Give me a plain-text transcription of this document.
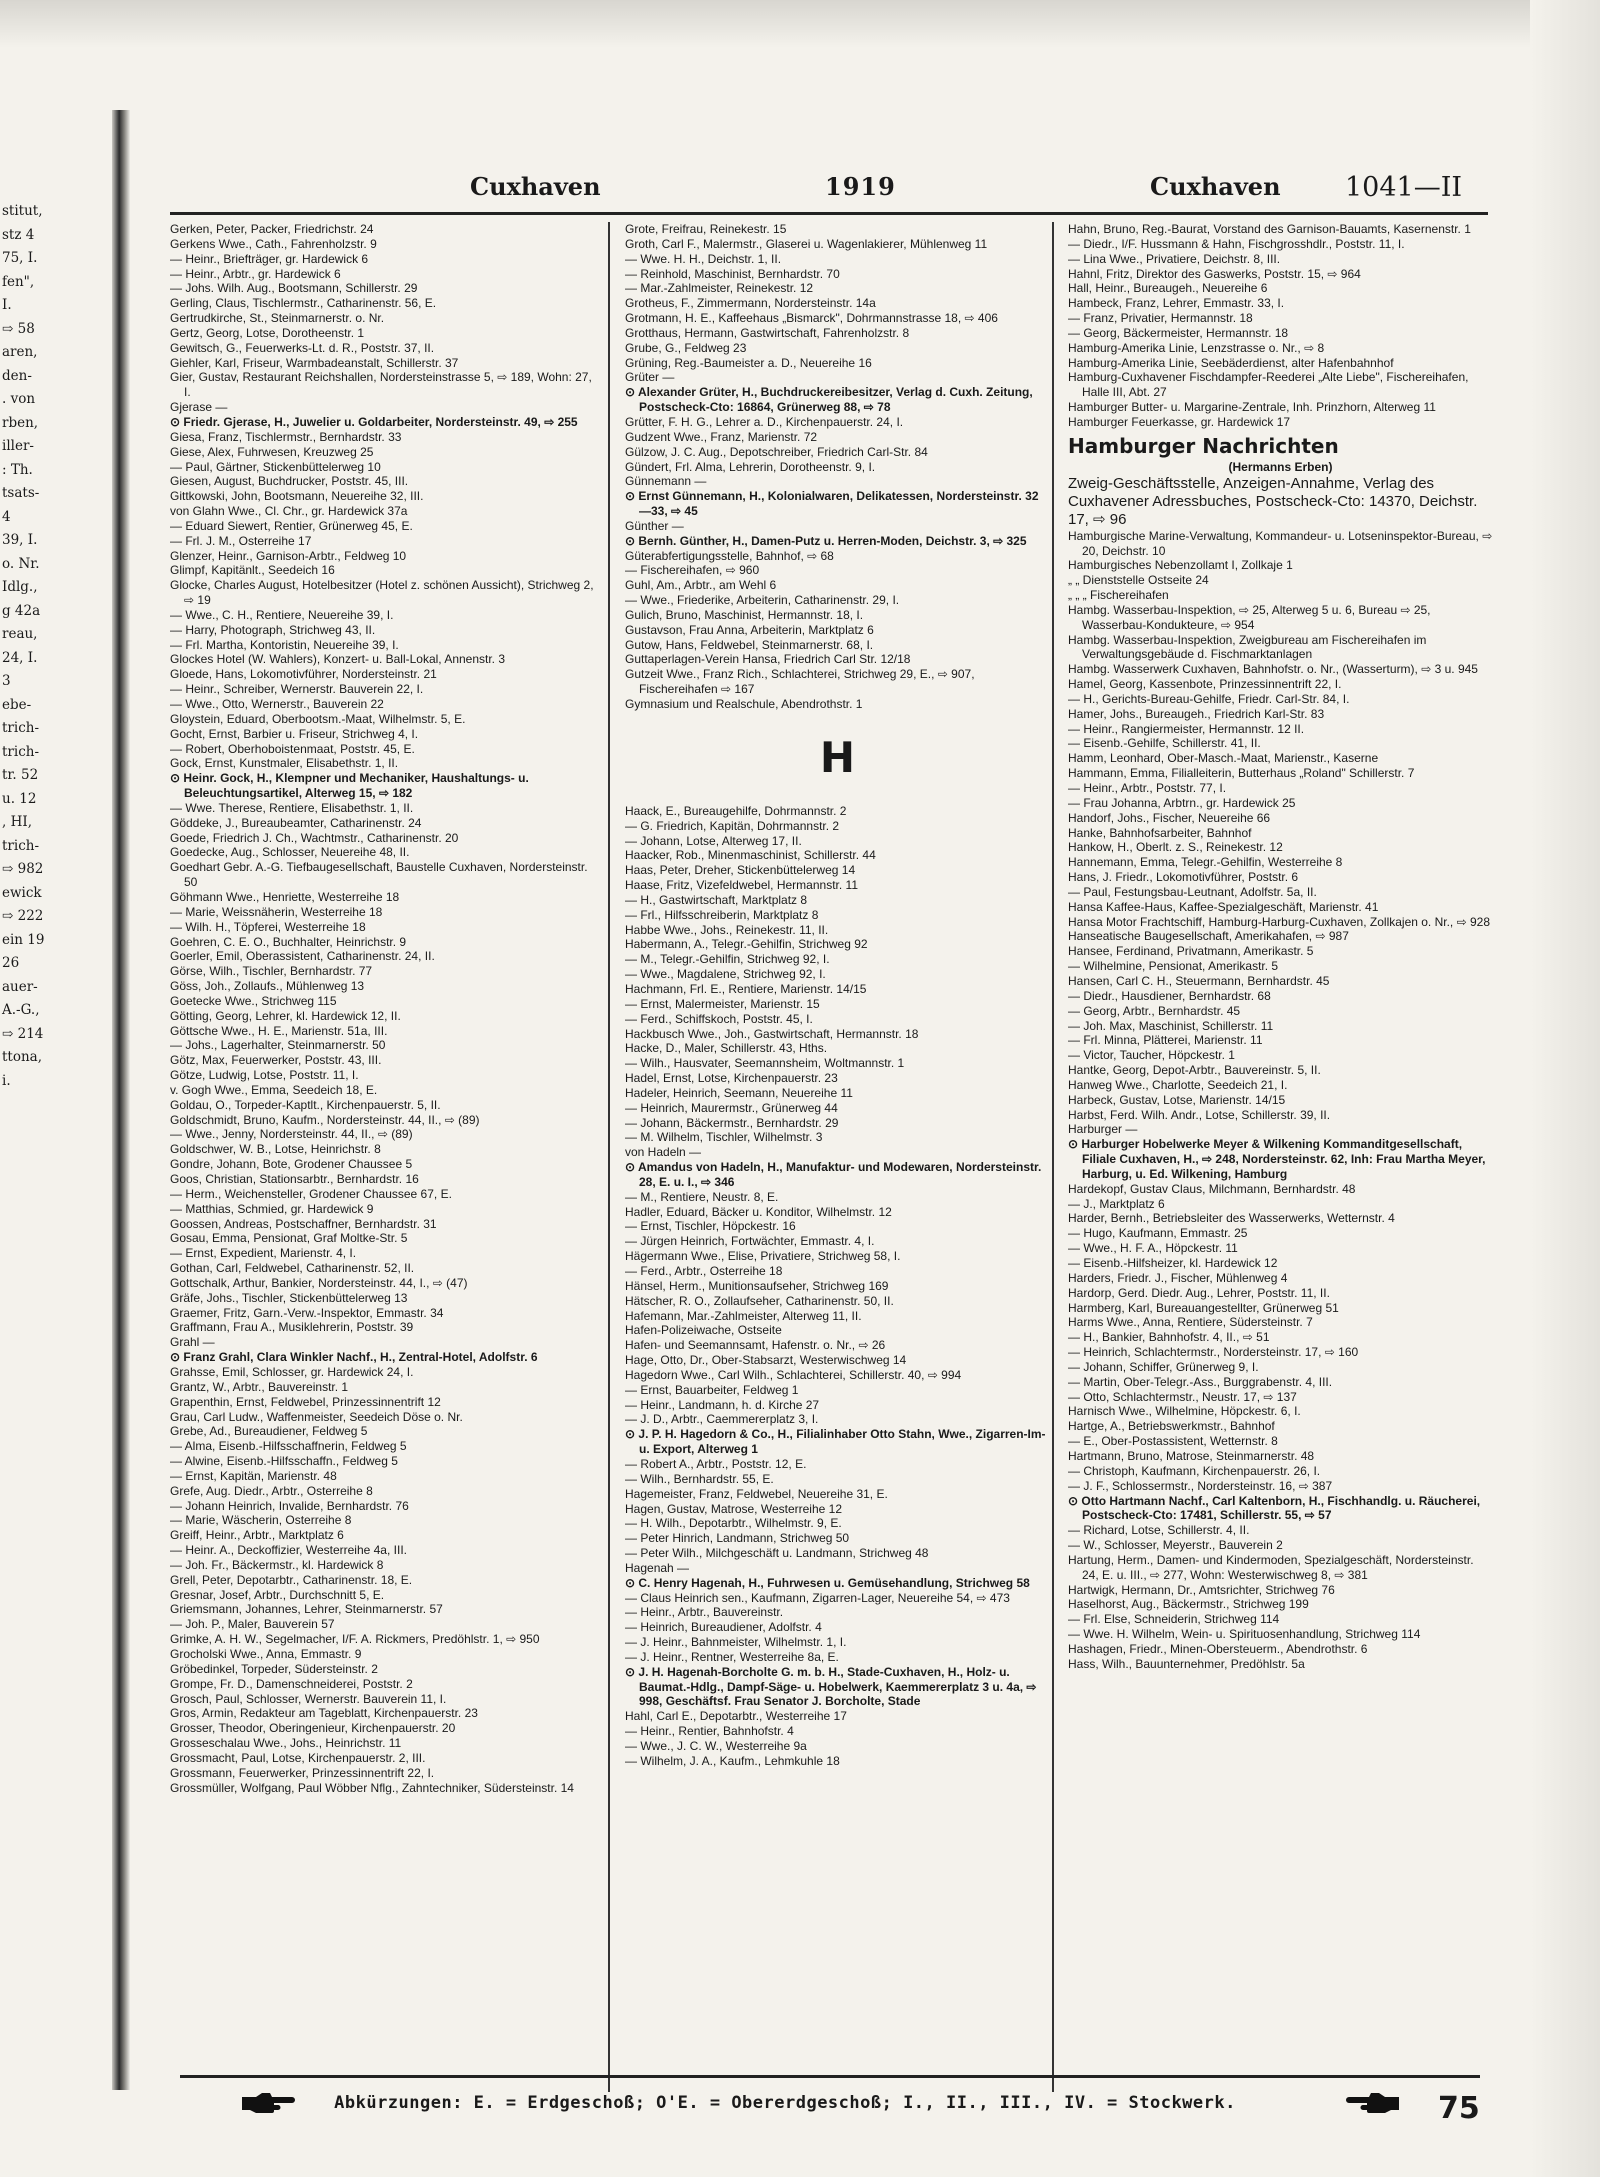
stitut,
stz 4
75, I.
fen",
I.
⇨ 58
aren,
den-
. von
rben,
iller-
: Th.
tsats-
4
39, I.
o. Nr.
Idlg.,
g 42a
reau,
24, I.
3
ebe-
trich-
trich-
tr. 52
u. 12
, HI,
trich-
⇨ 982
ewick
⇨ 222
ein 19
26
auer-
A.-G.,
⇨ 214
ttona,
i.
Cuxhaven	1919	Cuxhaven 1041—II
Gerken, Peter, Packer, Friedrichstr. 24
Gerkens Wwe., Cath., Fahrenholzstr. 9
— Heinr., Briefträger, gr. Hardewick 6
— Heinr., Arbtr., gr. Hardewick 6
— Johs. Wilh. Aug., Bootsmann, Schillerstr. 29
Gerling, Claus, Tischlermstr., Catharinenstr. 56, E.
Gertrudkirche, St., Steinmarnerstr. o. Nr.
Gertz, Georg, Lotse, Dorotheenstr. 1
Gewitsch, G., Feuerwerks-Lt. d. R., Poststr. 37, II.
Giehler, Karl, Friseur, Warmbadeanstalt, Schillerstr. 37
Gier, Gustav, Restaurant Reichshallen, Nordersteinstrasse 5, ⇨ 189, Wohn: 27, I.
Gjerase —
⊙ Friedr. Gjerase, H., Juwelier u. Goldarbeiter, Nordersteinstr. 49, ⇨ 255
Giesa, Franz, Tischlermstr., Bernhardstr. 33
Giese, Alex, Fuhrwesen, Kreuzweg 25
— Paul, Gärtner, Stickenbüttelerweg 10
Giesen, August, Buchdrucker, Poststr. 45, III.
Gittkowski, John, Bootsmann, Neuereihe 32, III.
von Glahn Wwe., Cl. Chr., gr. Hardewick 37a
— Eduard Siewert, Rentier, Grünerweg 45, E.
— Frl. J. M., Osterreihe 17
Glenzer, Heinr., Garnison-Arbtr., Feldweg 10
Glimpf, Kapitänlt., Seedeich 16
Glocke, Charles August, Hotelbesitzer (Hotel z. schönen Aussicht), Strichweg 2, ⇨ 19
— Wwe., C. H., Rentiere, Neuereihe 39, I.
— Harry, Photograph, Strichweg 43, II.
— Frl. Martha, Kontoristin, Neuereihe 39, I.
Glockes Hotel (W. Wahlers), Konzert- u. Ball-Lokal, Annenstr. 3
Gloede, Hans, Lokomotivführer, Nordersteinstr. 21
— Heinr., Schreiber, Wernerstr. Bauverein 22, I.
— Wwe., Otto, Wernerstr., Bauverein 22
Gloystein, Eduard, Oberbootsm.-Maat, Wilhelmstr. 5, E.
Gocht, Ernst, Barbier u. Friseur, Strichweg 4, I.
— Robert, Oberhoboistenmaat, Poststr. 45, E.
Gock, Ernst, Kunstmaler, Elisabethstr. 1, II.
⊙ Heinr. Gock, H., Klempner und Mechaniker, Haushaltungs- u. Beleuchtungsartikel, Alterweg 15, ⇨ 182
— Wwe. Therese, Rentiere, Elisabethstr. 1, II.
Göddeke, J., Bureaubeamter, Catharinenstr. 24
Goede, Friedrich J. Ch., Wachtmstr., Catharinenstr. 20
Goedecke, Aug., Schlosser, Neuereihe 48, II.
Goedhart Gebr. A.-G. Tiefbaugesellschaft, Baustelle Cuxhaven, Nordersteinstr. 50
Göhmann Wwe., Henriette, Westerreihe 18
— Marie, Weissnäherin, Westerreihe 18
— Wilh. H., Töpferei, Westerreihe 18
Goehren, C. E. O., Buchhalter, Heinrichstr. 9
Goerler, Emil, Oberassistent, Catharinenstr. 24, II.
Görse, Wilh., Tischler, Bernhardstr. 77
Göss, Joh., Zollaufs., Mühlenweg 13
Goetecke Wwe., Strichweg 115
Götting, Georg, Lehrer, kl. Hardewick 12, II.
Göttsche Wwe., H. E., Marienstr. 51a, III.
— Johs., Lagerhalter, Steinmarnerstr. 50
Götz, Max, Feuerwerker, Poststr. 43, III.
Götze, Ludwig, Lotse, Poststr. 11, I.
v. Gogh Wwe., Emma, Seedeich 18, E.
Goldau, O., Torpeder-Kaptlt., Kirchenpauerstr. 5, II.
Goldschmidt, Bruno, Kaufm., Nordersteinstr. 44, II., ⇨ (89)
— Wwe., Jenny, Nordersteinstr. 44, II., ⇨ (89)
Goldschwer, W. B., Lotse, Heinrichstr. 8
Gondre, Johann, Bote, Grodener Chaussee 5
Goos, Christian, Stationsarbtr., Bernhardstr. 16
— Herm., Weichensteller, Grodener Chaussee 67, E.
— Matthias, Schmied, gr. Hardewick 9
Goossen, Andreas, Postschaffner, Bernhardstr. 31
Gosau, Emma, Pensionat, Graf Moltke-Str. 5
— Ernst, Expedient, Marienstr. 4, I.
Gothan, Carl, Feldwebel, Catharinenstr. 52, II.
Gottschalk, Arthur, Bankier, Nordersteinstr. 44, I., ⇨ (47)
Gräfe, Johs., Tischler, Stickenbüttelerweg 13
Graemer, Fritz, Garn.-Verw.-Inspektor, Emmastr. 34
Graffmann, Frau A., Musiklehrerin, Poststr. 39
Grahl —
⊙ Franz Grahl, Clara Winkler Nachf., H., Zentral-Hotel, Adolfstr. 6
Grahsse, Emil, Schlosser, gr. Hardewick 24, I.
Grantz, W., Arbtr., Bauvereinstr. 1
Grapenthin, Ernst, Feldwebel, Prinzessinnentrift 12
Grau, Carl Ludw., Waffenmeister, Seedeich Döse o. Nr.
Grebe, Ad., Bureaudiener, Feldweg 5
— Alma, Eisenb.-Hilfsschaffnerin, Feldweg 5
— Alwine, Eisenb.-Hilfsschaffn., Feldweg 5
— Ernst, Kapitän, Marienstr. 48
Grefe, Aug. Diedr., Arbtr., Osterreihe 8
— Johann Heinrich, Invalide, Bernhardstr. 76
— Marie, Wäscherin, Osterreihe 8
Greiff, Heinr., Arbtr., Marktplatz 6
— Heinr. A., Deckoffizier, Westerreihe 4a, III.
— Joh. Fr., Bäckermstr., kl. Hardewick 8
Grell, Peter, Depotarbtr., Catharinenstr. 18, E.
Gresnar, Josef, Arbtr., Durchschnitt 5, E.
Griemsmann, Johannes, Lehrer, Steinmarnerstr. 57
— Joh. P., Maler, Bauverein 57
Grimke, A. H. W., Segelmacher, I/F. A. Rickmers, Predöhlstr. 1, ⇨ 950
Grocholski Wwe., Anna, Emmastr. 9
Gröbedinkel, Torpeder, Südersteinstr. 2
Grompe, Fr. D., Damenschneiderei, Poststr. 2
Grosch, Paul, Schlosser, Wernerstr. Bauverein 11, I.
Gros, Armin, Redakteur am Tageblatt, Kirchenpauerstr. 23
Grosser, Theodor, Oberingenieur, Kirchenpauerstr. 20
Grosseschalau Wwe., Johs., Heinrichstr. 11
Grossmacht, Paul, Lotse, Kirchenpauerstr. 2, III.
Grossmann, Feuerwerker, Prinzessinnentrift 22, I.
Grossmüller, Wolfgang, Paul Wöbber Nflg., Zahntechniker, Südersteinstr. 14
Grote, Freifrau, Reinekestr. 15
Groth, Carl F., Malermstr., Glaserei u. Wagenlakierer, Mühlenweg 11
— Wwe. H. H., Deichstr. 1, II.
— Reinhold, Maschinist, Bernhardstr. 70
— Mar.-Zahlmeister, Reinekestr. 12
Grotheus, F., Zimmermann, Nordersteinstr. 14a
Grotmann, H. E., Kaffeehaus „Bismarck", Dohrmannstrasse 18, ⇨ 406
Grotthaus, Hermann, Gastwirtschaft, Fahrenholzstr. 8
Grube, G., Feldweg 23
Grüning, Reg.-Baumeister a. D., Neuereihe 16
Grüter —
⊙ Alexander Grüter, H., Buchdruckereibesitzer, Verlag d. Cuxh. Zeitung, Postscheck-Cto: 16864, Grünerweg 88, ⇨ 78
Grütter, F. H. G., Lehrer a. D., Kirchenpauerstr. 24, I.
Gudzent Wwe., Franz, Marienstr. 72
Gülzow, J. C. Aug., Depotschreiber, Friedrich Carl-Str. 84
Gündert, Frl. Alma, Lehrerin, Dorotheenstr. 9, I.
Günnemann —
⊙ Ernst Günnemann, H., Kolonialwaren, Delikatessen, Nordersteinstr. 32—33, ⇨ 45
Günther —
⊙ Bernh. Günther, H., Damen-Putz u. Herren-Moden, Deichstr. 3, ⇨ 325
Güterabfertigungsstelle, Bahnhof, ⇨ 68
— Fischereihafen, ⇨ 960
Guhl, Am., Arbtr., am Wehl 6
— Wwe., Friederike, Arbeiterin, Catharinenstr. 29, I.
Gulich, Bruno, Maschinist, Hermannstr. 18, I.
Gustavson, Frau Anna, Arbeiterin, Marktplatz 6
Gutow, Hans, Feldwebel, Steinmarnerstr. 68, I.
Guttaperlagen-Verein Hansa, Friedrich Carl Str. 12/18
Gutzeit Wwe., Franz Rich., Schlachterei, Strichweg 29, E., ⇨ 907, Fischereihafen ⇨ 167
Gymnasium und Realschule, Abendrothstr. 1
H
Haack, E., Bureaugehilfe, Dohrmannstr. 2
— G. Friedrich, Kapitän, Dohrmannstr. 2
— Johann, Lotse, Alterweg 17, II.
Haacker, Rob., Minenmaschinist, Schillerstr. 44
Haas, Peter, Dreher, Stickenbüttelerweg 14
Haase, Fritz, Vizefeldwebel, Hermannstr. 11
— H., Gastwirtschaft, Marktplatz 8
— Frl., Hilfsschreiberin, Marktplatz 8
Habbe Wwe., Johs., Reinekestr. 11, II.
Habermann, A., Telegr.-Gehilfin, Strichweg 92
— M., Telegr.-Gehilfin, Strichweg 92, I.
— Wwe., Magdalene, Strichweg 92, I.
Hachmann, Frl. E., Rentiere, Marienstr. 14/15
— Ernst, Malermeister, Marienstr. 15
— Ferd., Schiffskoch, Poststr. 45, I.
Hackbusch Wwe., Joh., Gastwirtschaft, Hermannstr. 18
Hacke, D., Maler, Schillerstr. 43, Hths.
— Wilh., Hausvater, Seemannsheim, Woltmannstr. 1
Hadel, Ernst, Lotse, Kirchenpauerstr. 23
Hadeler, Heinrich, Seemann, Neuereihe 11
— Heinrich, Maurermstr., Grünerweg 44
— Johann, Bäckermstr., Bernhardstr. 29
— M. Wilhelm, Tischler, Wilhelmstr. 3
von Hadeln —
⊙ Amandus von Hadeln, H., Manufaktur- und Modewaren, Nordersteinstr. 28, E. u. I., ⇨ 346
— M., Rentiere, Neustr. 8, E.
Hadler, Eduard, Bäcker u. Konditor, Wilhelmstr. 12
— Ernst, Tischler, Höpckestr. 16
— Jürgen Heinrich, Fortwächter, Emmastr. 4, I.
Hägermann Wwe., Elise, Privatiere, Strichweg 58, I.
— Ferd., Arbtr., Osterreihe 18
Hänsel, Herm., Munitionsaufseher, Strichweg 169
Hätscher, R. O., Zollaufseher, Catharinenstr. 50, II.
Hafemann, Mar.-Zahlmeister, Alterweg 11, II.
Hafen-Polizeiwache, Ostseite
Hafen- und Seemannsamt, Hafenstr. o. Nr., ⇨ 26
Hage, Otto, Dr., Ober-Stabsarzt, Westerwischweg 14
Hagedorn Wwe., Carl Wilh., Schlachterei, Schillerstr. 40, ⇨ 994
— Ernst, Bauarbeiter, Feldweg 1
— Heinr., Landmann, h. d. Kirche 27
— J. D., Arbtr., Caemmererplatz 3, I.
⊙ J. P. H. Hagedorn & Co., H., Filialinhaber Otto Stahn, Wwe., Zigarren-Im- u. Export, Alterweg 1
— Robert A., Arbtr., Poststr. 12, E.
— Wilh., Bernhardstr. 55, E.
Hagemeister, Franz, Feldwebel, Neuereihe 31, E.
Hagen, Gustav, Matrose, Westerreihe 12
— H. Wilh., Depotarbtr., Wilhelmstr. 9, E.
— Peter Hinrich, Landmann, Strichweg 50
— Peter Wilh., Milchgeschäft u. Landmann, Strichweg 48
Hagenah —
⊙ C. Henry Hagenah, H., Fuhrwesen u. Gemüsehandlung, Strichweg 58
— Claus Heinrich sen., Kaufmann, Zigarren-Lager, Neuereihe 54, ⇨ 473
— Heinr., Arbtr., Bauvereinstr.
— Heinrich, Bureaudiener, Adolfstr. 4
— J. Heinr., Bahnmeister, Wilhelmstr. 1, I.
— J. Heinr., Rentner, Westerreihe 8a, E.
⊙ J. H. Hagenah-Borcholte G. m. b. H., Stade-Cuxhaven, H., Holz- u. Baumat.-Hdlg., Dampf-Säge- u. Hobelwerk, Kaemmererplatz 3 u. 4a, ⇨ 998, Geschäftsf. Frau Senator J. Borcholte, Stade
Hahl, Carl E., Depotarbtr., Westerreihe 17
— Heinr., Rentier, Bahnhofstr. 4
— Wwe., J. C. W., Westerreihe 9a
— Wilhelm, J. A., Kaufm., Lehmkuhle 18
Hahn, Bruno, Reg.-Baurat, Vorstand des Garnison-Bauamts, Kasernenstr. 1
— Diedr., I/F. Hussmann & Hahn, Fischgrosshdlr., Poststr. 11, I.
— Lina Wwe., Privatiere, Deichstr. 8, III.
Hahnl, Fritz, Direktor des Gaswerks, Poststr. 15, ⇨ 964
Hall, Heinr., Bureaugeh., Neuereihe 6
Hambeck, Franz, Lehrer, Emmastr. 33, I.
— Franz, Privatier, Hermannstr. 18
— Georg, Bäckermeister, Hermannstr. 18
Hamburg-Amerika Linie, Lenzstrasse o. Nr., ⇨ 8
Hamburg-Amerika Linie, Seebäderdienst, alter Hafenbahnhof
Hamburg-Cuxhavener Fischdampfer-Reederei „Alte Liebe", Fischereihafen, Halle III, Abt. 27
Hamburger Butter- u. Margarine-Zentrale, Inh. Prinzhorn, Alterweg 11
Hamburger Feuerkasse, gr. Hardewick 17
Hamburger Nachrichten
(Hermanns Erben)
Zweig-Geschäftsstelle, Anzeigen-Annahme, Verlag des Cuxhavener Adressbuches, Postscheck-Cto: 14370, Deichstr. 17, ⇨ 96
Hamburgische Marine-Verwaltung, Kommandeur- u. Lotseninspektor-Bureau, ⇨ 20, Deichstr. 10
Hamburgisches Nebenzollamt I, Zollkaje 1
„ „ Dienststelle Ostseite 24
„ „ „ Fischereihafen
Hambg. Wasserbau-Inspektion, ⇨ 25, Alterweg 5 u. 6, Bureau ⇨ 25, Wasserbau-Kondukteure, ⇨ 954
Hambg. Wasserbau-Inspektion, Zweigbureau am Fischereihafen im Verwaltungsgebäude d. Fischmarktanlagen
Hambg. Wasserwerk Cuxhaven, Bahnhofstr. o. Nr., (Wasserturm), ⇨ 3 u. 945
Hamel, Georg, Kassenbote, Prinzessinnentrift 22, I.
— H., Gerichts-Bureau-Gehilfe, Friedr. Carl-Str. 84, I.
Hamer, Johs., Bureaugeh., Friedrich Karl-Str. 83
— Heinr., Rangiermeister, Hermannstr. 12 II.
— Eisenb.-Gehilfe, Schillerstr. 41, II.
Hamm, Leonhard, Ober-Masch.-Maat, Marienstr., Kaserne
Hammann, Emma, Filialleiterin, Butterhaus „Roland" Schillerstr. 7
— Heinr., Arbtr., Poststr. 77, I.
— Frau Johanna, Arbtrn., gr. Hardewick 25
Handorf, Johs., Fischer, Neuereihe 66
Hanke, Bahnhofsarbeiter, Bahnhof
Hankow, H., Oberlt. z. S., Reinekestr. 12
Hannemann, Emma, Telegr.-Gehilfin, Westerreihe 8
Hans, J. Friedr., Lokomotivführer, Poststr. 6
— Paul, Festungsbau-Leutnant, Adolfstr. 5a, II.
Hansa Kaffee-Haus, Kaffee-Spezialgeschäft, Marienstr. 41
Hansa Motor Frachtschiff, Hamburg-Harburg-Cuxhaven, Zollkajen o. Nr., ⇨ 928
Hanseatische Baugesellschaft, Amerikahafen, ⇨ 987
Hansee, Ferdinand, Privatmann, Amerikastr. 5
— Wilhelmine, Pensionat, Amerikastr. 5
Hansen, Carl C. H., Steuermann, Bernhardstr. 45
— Diedr., Hausdiener, Bernhardstr. 68
— Georg, Arbtr., Bernhardstr. 45
— Joh. Max, Maschinist, Schillerstr. 11
— Frl. Minna, Plätterei, Marienstr. 11
— Victor, Taucher, Höpckestr. 1
Hantke, Georg, Depot-Arbtr., Bauvereinstr. 5, II.
Hanweg Wwe., Charlotte, Seedeich 21, I.
Harbeck, Gustav, Lotse, Marienstr. 14/15
Harbst, Ferd. Wilh. Andr., Lotse, Schillerstr. 39, II.
Harburger —
⊙ Harburger Hobelwerke Meyer & Wilkening Kommanditgesellschaft, Filiale Cuxhaven, H., ⇨ 248, Nordersteinstr. 62, Inh: Frau Martha Meyer, Harburg, u. Ed. Wilkening, Hamburg
Hardekopf, Gustav Claus, Milchmann, Bernhardstr. 48
— J., Marktplatz 6
Harder, Bernh., Betriebsleiter des Wasserwerks, Wetternstr. 4
— Hugo, Kaufmann, Emmastr. 25
— Wwe., H. F. A., Höpckestr. 11
— Eisenb.-Hilfsheizer, kl. Hardewick 12
Harders, Friedr. J., Fischer, Mühlenweg 4
Hardorp, Gerd. Diedr. Aug., Lehrer, Poststr. 11, II.
Harmberg, Karl, Bureauangestellter, Grünerweg 51
Harms Wwe., Anna, Rentiere, Südersteinstr. 7
— H., Bankier, Bahnhofstr. 4, II., ⇨ 51
— Heinrich, Schlachtermstr., Nordersteinstr. 17, ⇨ 160
— Johann, Schiffer, Grünerweg 9, I.
— Martin, Ober-Telegr.-Ass., Burggrabenstr. 4, III.
— Otto, Schlachtermstr., Neustr. 17, ⇨ 137
Harnisch Wwe., Wilhelmine, Höpckestr. 6, I.
Hartge, A., Betriebswerkmstr., Bahnhof
— E., Ober-Postassistent, Wetternstr. 8
Hartmann, Bruno, Matrose, Steinmarnerstr. 48
— Christoph, Kaufmann, Kirchenpauerstr. 26, I.
— J. F., Schlossermstr., Nordersteinstr. 16, ⇨ 387
⊙ Otto Hartmann Nachf., Carl Kaltenborn, H., Fischhandlg. u. Räucherei, Postscheck-Cto: 17481, Schillerstr. 55, ⇨ 57
— Richard, Lotse, Schillerstr. 4, II.
— W., Schlosser, Meyerstr., Bauverein 2
Hartung, Herm., Damen- und Kindermoden, Spezialgeschäft, Nordersteinstr. 24, E. u. III., ⇨ 277, Wohn: Westerwischweg 8, ⇨ 381
Hartwigk, Hermann, Dr., Amtsrichter, Strichweg 76
Haselhorst, Aug., Bäckermstr., Strichweg 199
— Frl. Else, Schneiderin, Strichweg 114
— Wwe. H. Wilhelm, Wein- u. Spirituosenhandlung, Strichweg 114
Hashagen, Friedr., Minen-Obersteuerm., Abendrothstr. 6
Hass, Wilh., Bauunternehmer, Predöhlstr. 5a
Abkürzungen: E. = Erdgeschoß; O'E. = Obererdgeschoß; I., II., III., IV. = Stockwerk.	75
